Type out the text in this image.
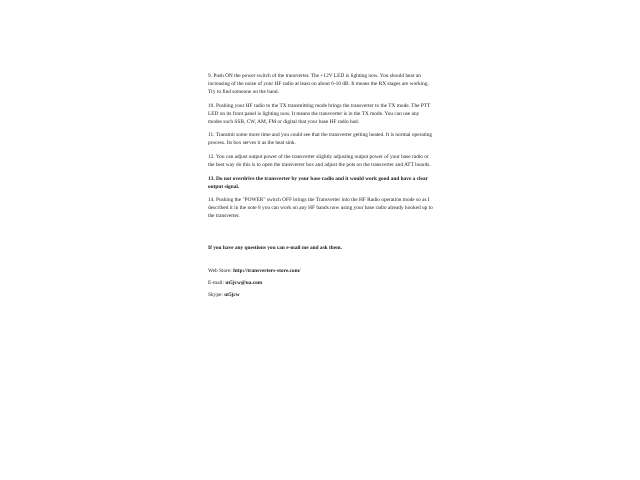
9. Push ON the power switch of the transverter. The +12V LED is lighting now. You should hear an increasing of the noise of your HF radio at least on about 6-10 dB. It means the RX stages are working. Try to find someone on the band.

10. Pushing your HF radio to the TX transmitting mode brings the transverter to the TX mode. The PTT LED on its front panel is lighting now. It means the transverter is in the TX mode. You can use any modes such SSB, CW, AM, FM or digital that your base HF radio had.

11. Transmit some more time and you could see that the transverter getting heated. It is normal operating process. Its box serves it as the heat sink.

12. You can adjust output power of the transverter slightly adjusting output power of your base radio or the best way do this is to open the transverter box and adjust the pots on the transverter and ATT boards.

13. Do not overdrive the transverter by your base radio and it would work good and have a clear output signal.

14. Pushing the "POWER" switch OFF brings the Transverter into the HF Radio operation mode so as I described it in the note 8 you can work on any HF bands now using your base radio already hooked up to the transverter.

If you have any questions you can e-mail me and ask them.

Web Store: http://transverters-store.com/

E-mail: ut5jcw@ua.com

Skype: ut5jcw
